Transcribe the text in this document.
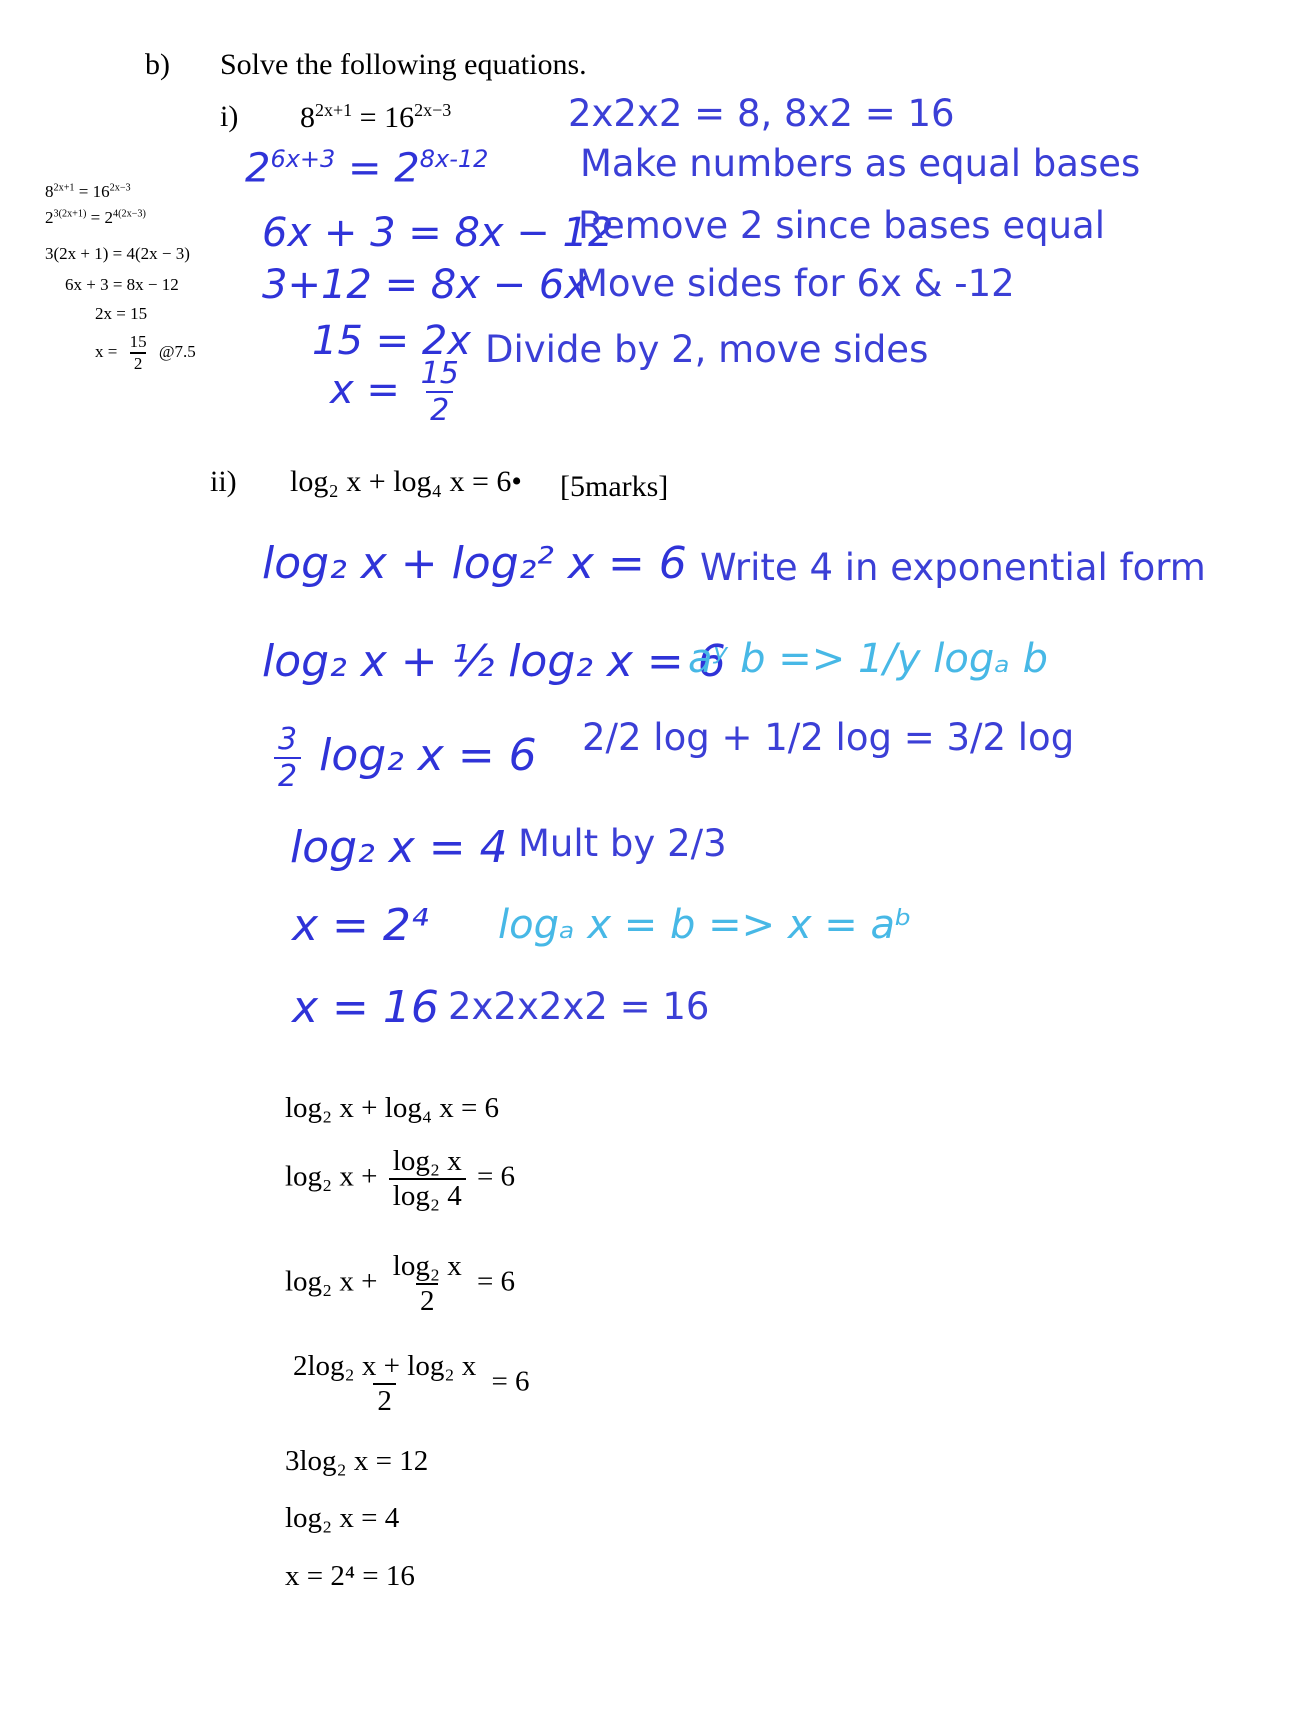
b) Solve the following equations.
i) $8^{2x+1} = 16^{2x-3}$
$8^{2x+1} = 16^{2x-3}$
$2^{3(2x+1)} = 2^{4(2x-3)}$
3(2x + 1) = 4(2x − 3)
6x + 3 = 8x − 12
2x = 15
$x = \frac{15}{2}$ @7.5
$2^{6x+3} = 2^{8x-12}$
6x + 3 = 8x − 12
3+12 = 8x − 6x
15 = 2x
$x = \frac{15}{2}$
2x2x2 = 8, 8x2 = 16
Make numbers as equal bases
Remove 2 since bases equal
Move sides for 6x & -12
Divide by 2, move sides
ii) log₂ x + log₄ x = 6• [5marks]
log₂ x + log₂² x = 6
log₂ x + ½ log₂ x = 6
$\frac{3}{2} \log_2$ x = 6
log₂ x = 4
x = 2⁴
x = 16
aʸ b => 1/y logₐ b
logₐ x = b => x = aᵇ
Write 4 in exponential form
2/2 log + 1/2 log = 3/2 log
Mult by 2/3
2x2x2x2 = 16
log₂ x + log₄ x = 6
log₂ $x + \frac{\text{log₂ x}}{\text{log₂ 4}} = 6$
log₂ $x + \frac{\text{log₂ x}}{2} = 6$
$\frac{\text{2log₂ x + log₂ x}}{2} = 6$
3log₂ x = 12
log₂ x = 4
x = 2⁴ = 16
